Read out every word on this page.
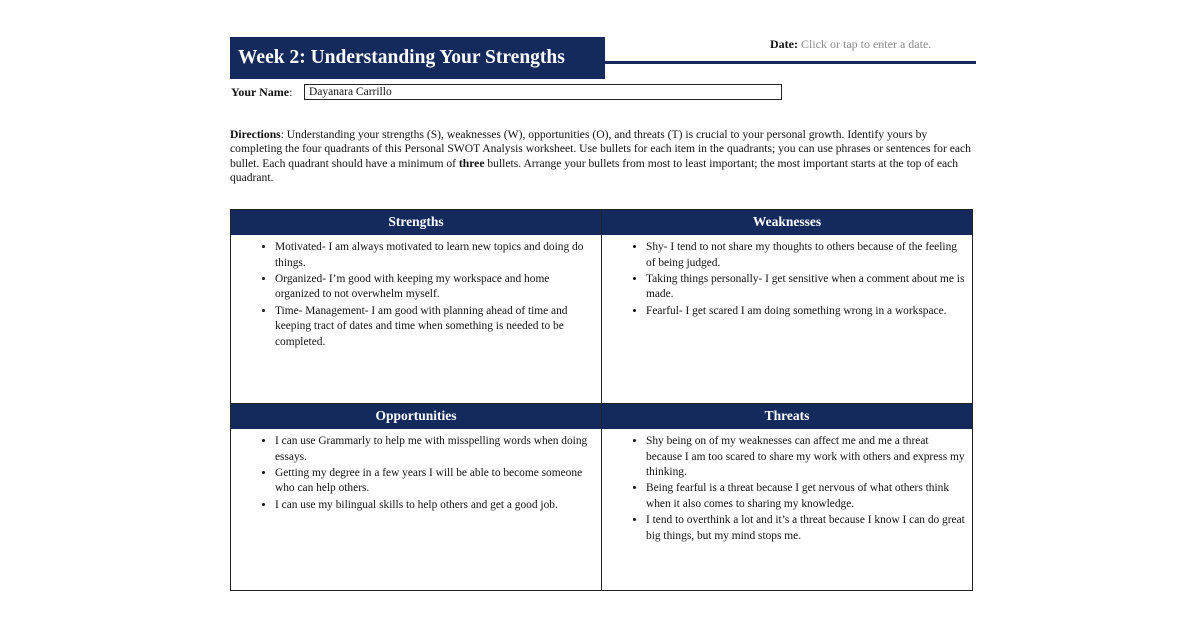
Week 2: Understanding Your Strengths
Date: Click or tap to enter a date.
Your Name:	Dayanara Carrillo
Directions: Understanding your strengths (S), weaknesses (W), opportunities (O), and threats (T) is crucial to your personal growth. Identify yours by completing the four quadrants of this Personal SWOT Analysis worksheet. Use bullets for each item in the quadrants; you can use phrases or sentences for each bullet. Each quadrant should have a minimum of three bullets. Arrange your bullets from most to least important; the most important starts at the top of each quadrant.
Strengths
• Motivated- I am always motivated to learn new topics and doing do things.
• Organized- I’m good with keeping my workspace and home organized to not overwhelm myself.
• Time- Management- I am good with planning ahead of time and keeping tract of dates and time when something is needed to be completed.
Weaknesses
• Shy- I tend to not share my thoughts to others because of the feeling of being judged.
• Taking things personally- I get sensitive when a comment about me is made.
• Fearful- I get scared I am doing something wrong in a workspace.
Opportunities
• I can use Grammarly to help me with misspelling words when doing essays.
• Getting my degree in a few years I will be able to become someone who can help others.
• I can use my bilingual skills to help others and get a good job.
Threats
• Shy being on of my weaknesses can affect me and me a threat because I am too scared to share my work with others and express my thinking.
• Being fearful is a threat because I get nervous of what others think when it also comes to sharing my knowledge.
• I tend to overthink a lot and it’s a threat because I know I can do great big things, but my mind stops me.
